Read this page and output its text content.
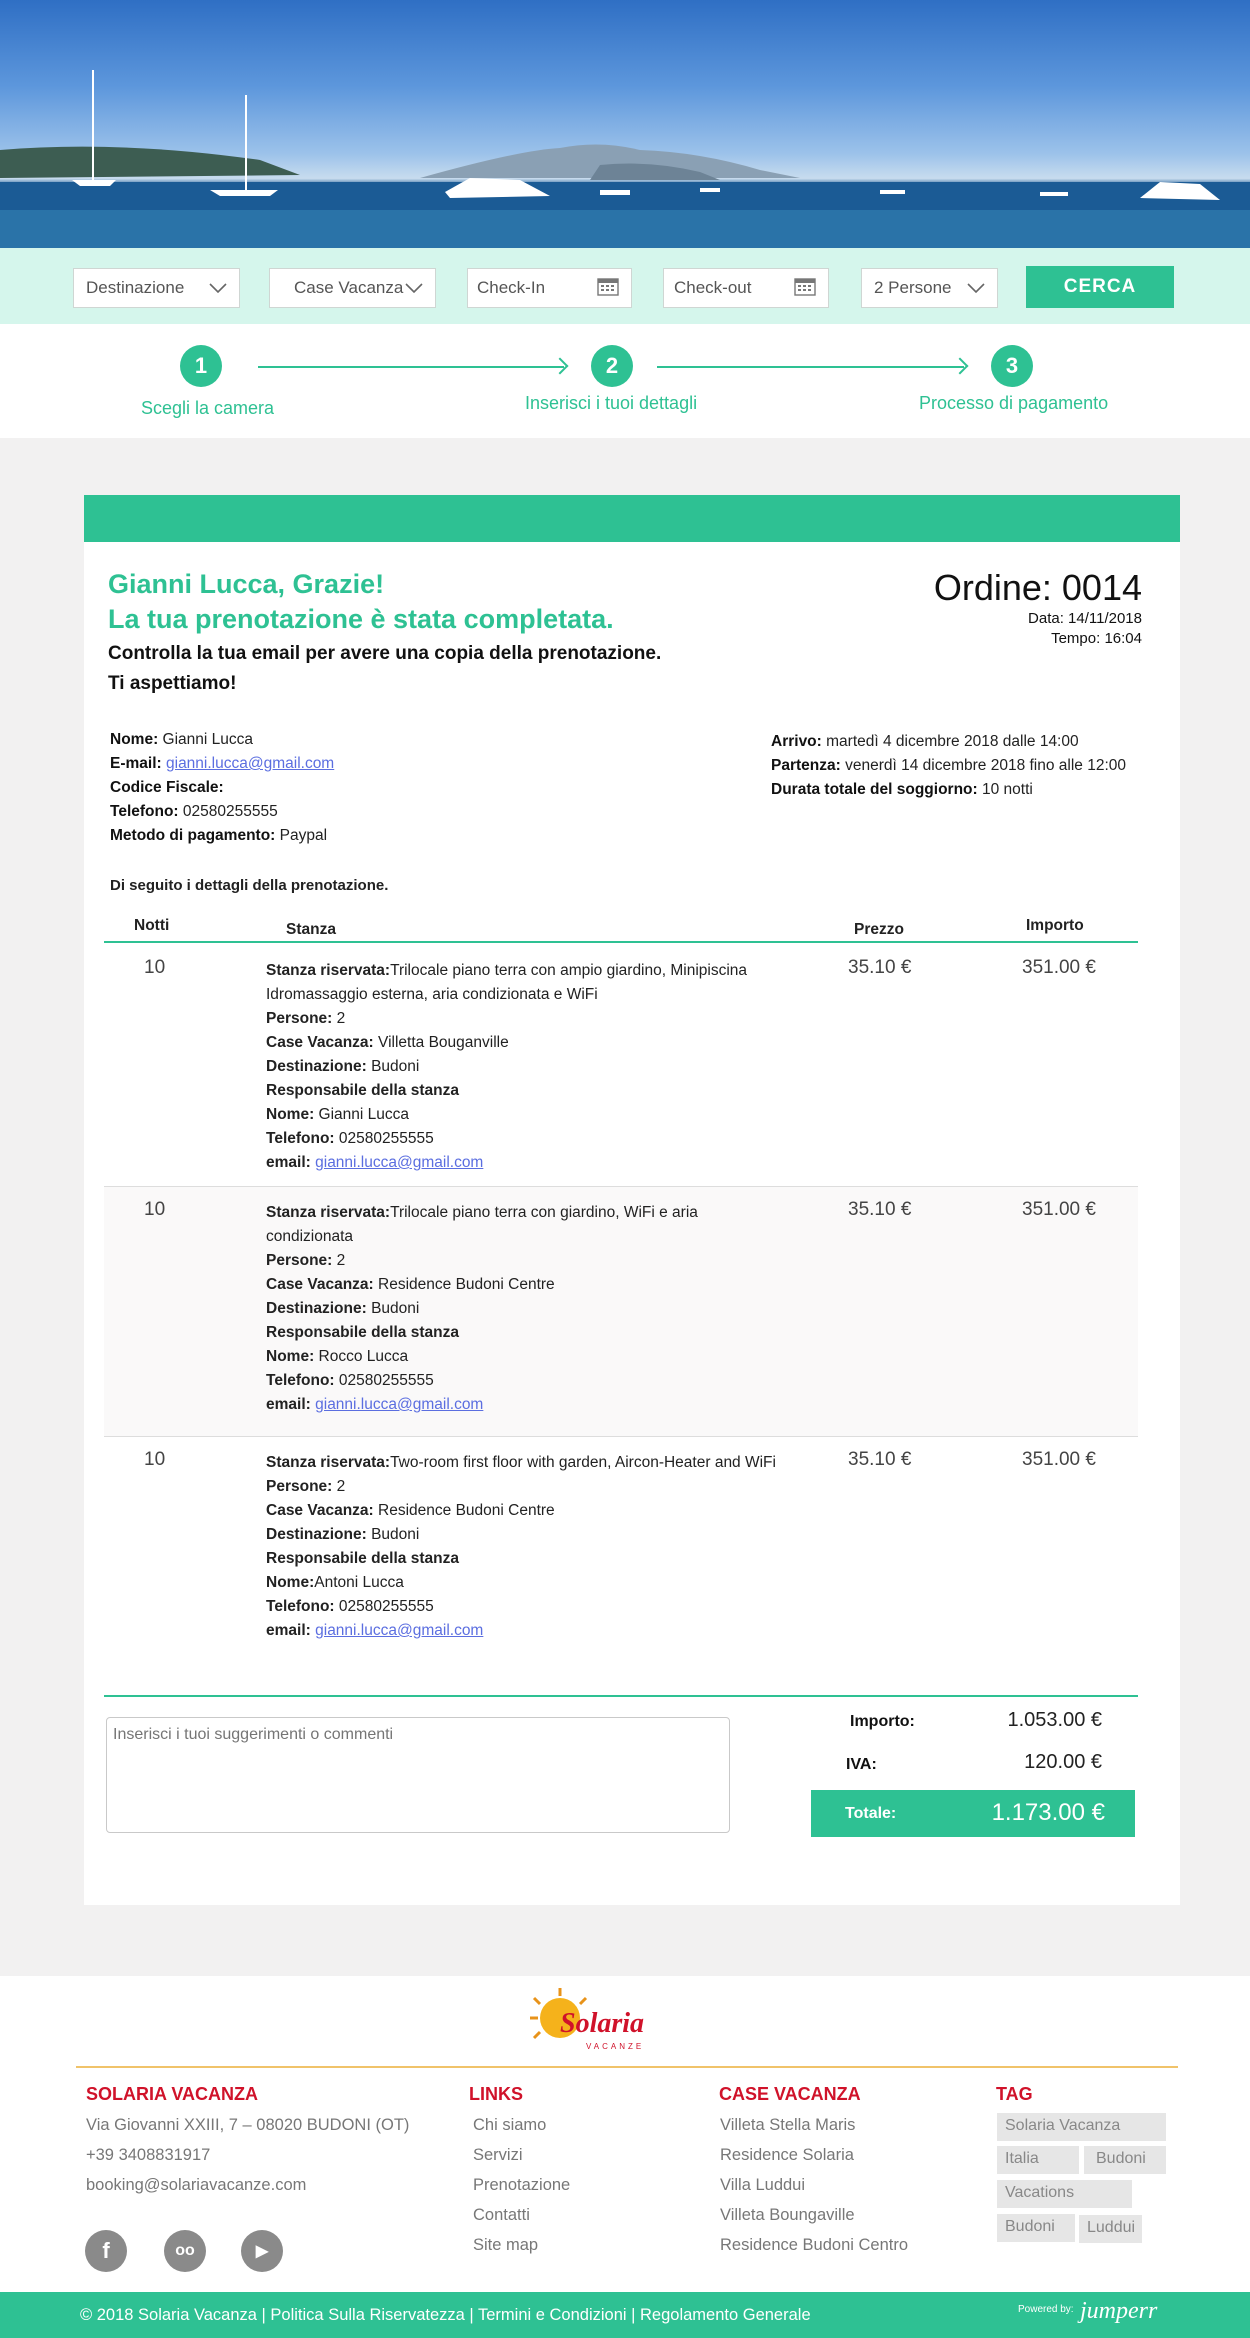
Destinazione	Case Vacanza	Check-In	Check-out	2 Persone	CERCA
1
Scegli la camera
2
Inserisci i tuoi dettagli
3
Processo di pagamento
Gianni Lucca, Grazie!
La tua prenotazione è stata completata.
Controlla la tua email per avere una copia della prenotazione.
Ti aspettiamo!
Ordine: 0014
Data: 14/11/2018
Tempo: 16:04
Nome: Gianni Lucca
E-mail: gianni.lucca@gmail.com
Codice Fiscale:
Telefono: 02580255555
Metodo di pagamento: Paypal
Arrivo: martedì 4 dicembre 2018 dalle 14:00
Partenza: venerdì 14 dicembre 2018 fino alle 12:00
Durata totale del soggiorno: 10 notti
Di seguito i dettagli della prenotazione.
Notti	Stanza	Prezzo	Importo
10	Stanza riservata:Trilocale piano terra con ampio giardino, Minipiscina Idromassaggio esterna, aria condizionata e WiFi
Persone: 2
Case Vacanza: Villetta Bouganville
Destinazione: Budoni
Responsabile della stanza
Nome: Gianni Lucca
Telefono: 02580255555
email: gianni.lucca@gmail.com
35.10 €	351.00 €
10	Stanza riservata:Trilocale piano terra con giardino, WiFi e aria condizionata
Persone: 2
Case Vacanza: Residence Budoni Centre
Destinazione: Budoni
Responsabile della stanza
Nome: Rocco Lucca
Telefono: 02580255555
email: gianni.lucca@gmail.com
35.10 €	351.00 €
10	Stanza riservata:Two-room first floor with garden, Aircon-Heater and WiFi
Persone: 2
Case Vacanza: Residence Budoni Centre
Destinazione: Budoni
Responsabile della stanza
Nome:Antoni Lucca
Telefono: 02580255555
email: gianni.lucca@gmail.com
35.10 €	351.00 €
Inserisci i tuoi suggerimenti o commenti
Importo:	1.053.00 €
IVA:	120.00 €
Totale:	1.173.00 €
Solaria
VACANZE
SOLARIA VACANZA
Via Giovanni XXIII, 7 – 08020 BUDONI (OT)
+39 3408831917
booking@solariavacanze.com
f	oo	▶
LINKS
Chi siamo
Servizi
Prenotazione
Contatti
Site map
CASE VACANZA
Villeta Stella Maris
Residence Solaria
Villa Luddui
Villeta Boungaville
Residence Budoni Centro
TAG
Solaria Vacanza
Italia	Budoni
Vacations
Budoni	Luddui
© 2018 Solaria Vacanza | Politica Sulla Riservatezza | Termini e Condizioni | Regolamento Generale	Powered by: jumperr
